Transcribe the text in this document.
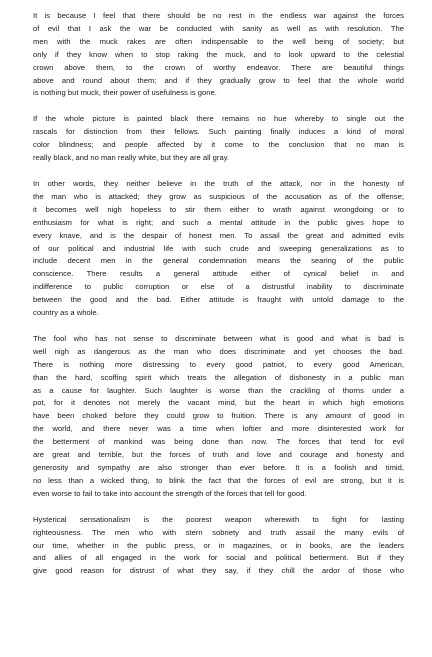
It is because I feel that there should be no rest in the endless war against the forces
of evil that I ask the war be conducted with sanity as well as with resolution. The
men with the muck rakes are often indispensable to the well being of society; but
only if they know when to stop raking the muck, and to look upward to the celestial
crown above them, to the crown of worthy endeavor. There are beautiful things
above and round about them; and if they gradually grow to feel that the whole world
is nothing but muck, their power of usefulness is gone.
If the whole picture is painted black there remains no hue whereby to single out the
rascals for distinction from their fellows. Such painting finally induces a kind of moral
color blindness; and people affected by it come to the conclusion that no man is
really black, and no man really white, but they are all gray.
In other words, they neither believe in the truth of the attack, nor in the honesty of
the man who is attacked; they grow as suspicious of the accusation as of the offense;
it becomes well nigh hopeless to stir them either to wrath against wrongdoing or to
enthusiasm for what is right; and such a mental attitude in the public gives hope to
every knave, and is the despair of honest men. To assail the great and admitted evils
of our political and industrial life with such crude and sweeping generalizations as to
include decent men in the general condemnation means the searing of the public
conscience. There results a general attitude either of cynical belief in and
indifference to public corruption or else of a distrustful inability to discriminate
between the good and the bad. Either attitude is fraught with untold damage to the
country as a whole.
The fool who has not sense to discriminate between what is good and what is bad is
well nigh as dangerous as the man who does discriminate and yet chooses the bad.
There is nothing more distressing to every good patriot, to every good American,
than the hard, scoffing spirit which treats the allegation of dishonesty in a public man
as a cause for laughter. Such laughter is worse than the crackling of thorns under a
pot, for it denotes not merely the vacant mind, but the heart in which high emotions
have been choked before they could grow to fruition. There is any amount of good in
the world, and there never was a time when loftier and more disinterested work for
the betterment of mankind was being done than now. The forces that tend for evil
are great and terrible, but the forces of truth and love and courage and honesty and
generosity and sympathy are also stronger than ever before. It is a foolish and timid,
no less than a wicked thing, to blink the fact that the forces of evil are strong, but it is
even worse to fail to take into account the strength of the forces that tell for good.
Hysterical sensationalism is the poorest weapon wherewith to fight for lasting
righteousness. The men who with stern sobriety and truth assail the many evils of
our time, whether in the public press, or in magazines, or in books, are the leaders
and allies of all engaged in the work for social and political betterment. But if they
give good reason for distrust of what they say, if they chill the ardor of those who
